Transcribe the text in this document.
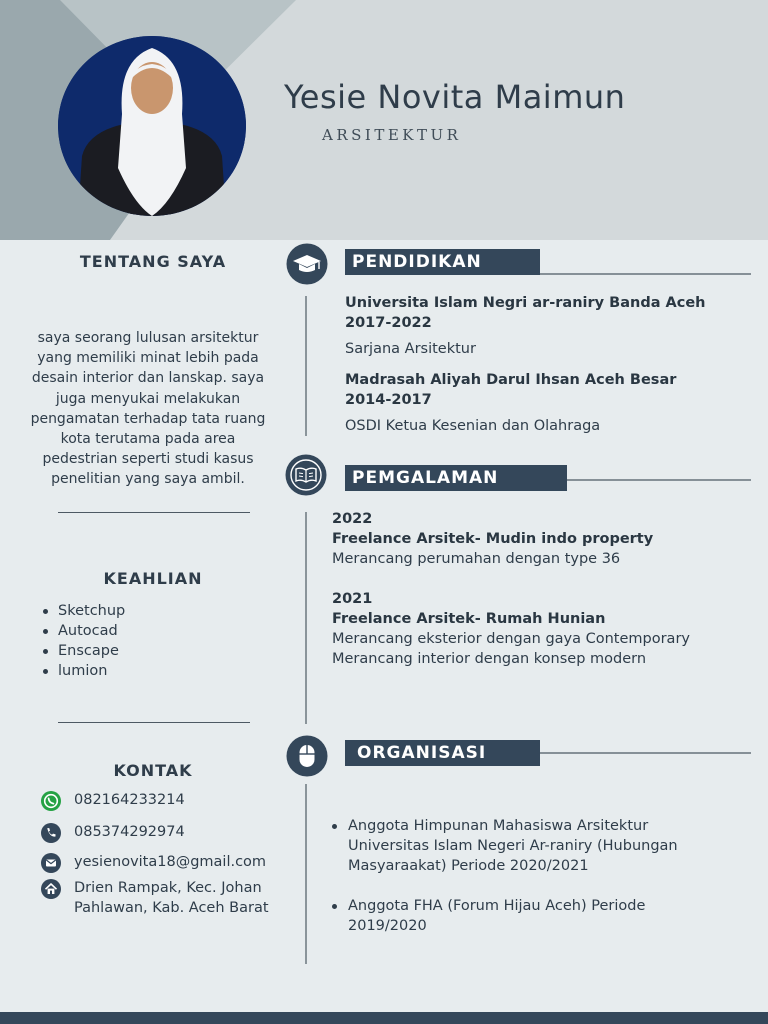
Yesie Novita Maimun
ARSITEKTUR
TENTANG SAYA
saya seorang lulusan arsitektur yang memiliki minat lebih pada desain interior dan lanskap. saya juga menyukai melakukan pengamatan terhadap tata ruang kota terutama pada area pedestrian seperti studi kasus penelitian yang saya ambil.
KEAHLIAN
Sketchup
Autocad
Enscape
lumion
KONTAK
082164233214
085374292974
yesienovita18@gmail.com
Drien Rampak, Kec. Johan Pahlawan, Kab. Aceh Barat
PENDIDIKAN
PEMGALAMAN
ORGANISASI
Universita Islam Negri ar-raniry Banda Aceh
2017-2022
Sarjana Arsitektur
Madrasah Aliyah Darul Ihsan Aceh Besar
2014-2017
OSDI Ketua Kesenian dan Olahraga
2022
Freelance Arsitek- Mudin indo property
Merancang perumahan dengan type 36
2021
Freelance Arsitek- Rumah Hunian
Merancang eksterior dengan gaya Contemporary
Merancang interior dengan konsep modern
Anggota Himpunan Mahasiswa Arsitektur Universitas Islam Negeri Ar-raniry (Hubungan Masyaraakat) Periode 2020/2021
Anggota FHA (Forum Hijau Aceh) Periode 2019/2020
